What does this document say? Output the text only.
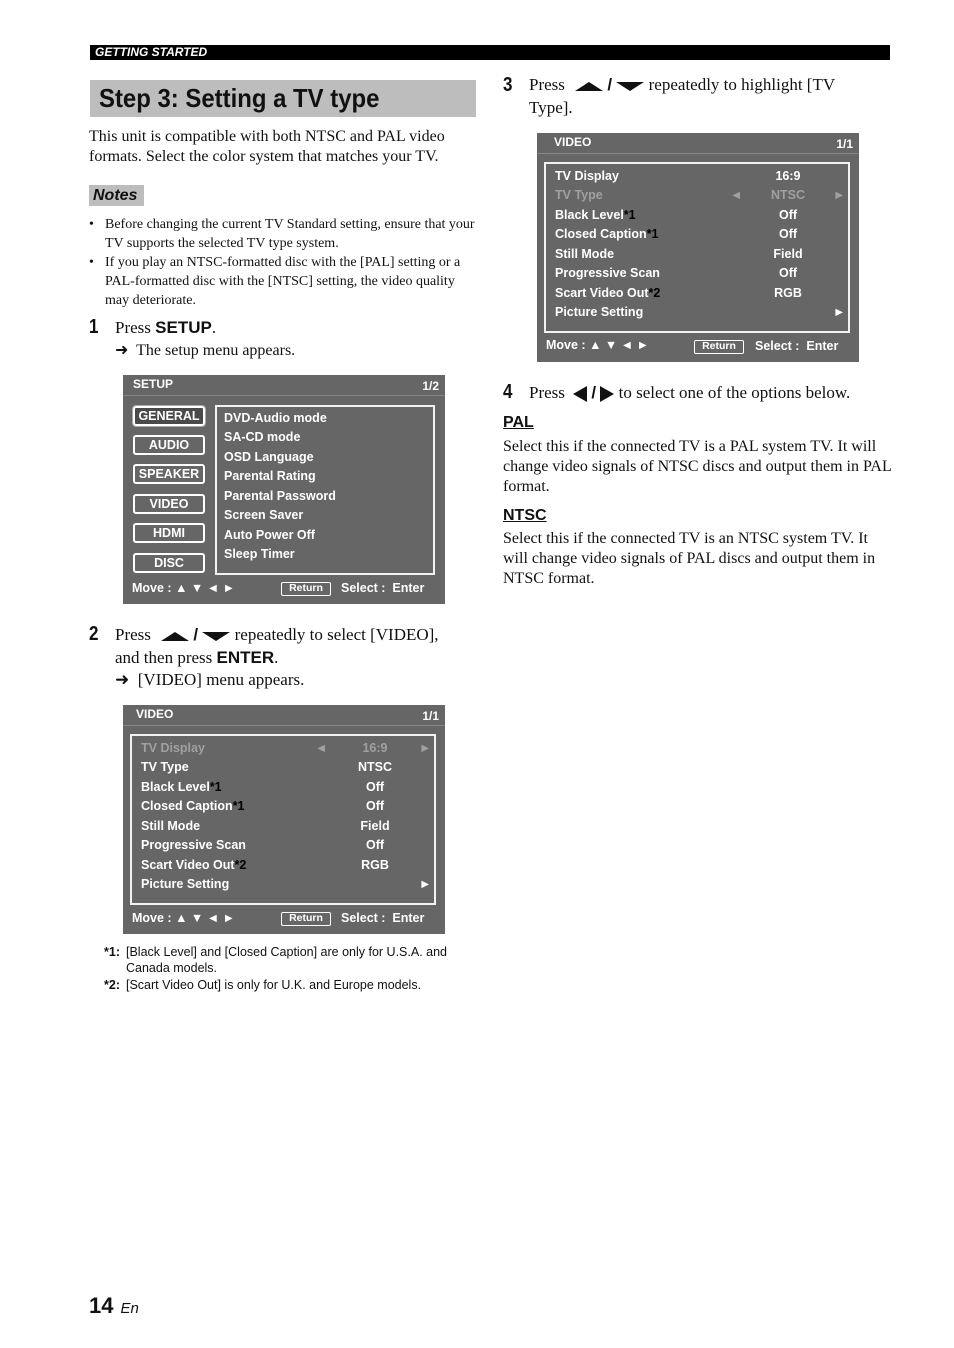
GETTING STARTED
Step 3: Setting a TV type
This unit is compatible with both NTSC and PAL video formats. Select the color system that matches your TV.
Notes
• Before changing the current TV Standard setting, ensure that your TV supports the selected TV type system.
• If you play an NTSC-formatted disc with the [PAL] setting or a PAL-formatted disc with the [NTSC] setting, the video quality may deteriorate.
1 Press SETUP.
➜ The setup menu appears.
SETUP	1/2
GENERAL
AUDIO
SPEAKER
VIDEO
HDMI
DISC
DVD-Audio mode
SA-CD mode
OSD Language
Parental Rating
Parental Password
Screen Saver
Auto Power Off
Sleep Timer
Move : ▲ ▼ ◄ ►	Return	Select : Enter
2 Press	/ repeatedly to select [VIDEO],
and then press ENTER.
➜ [VIDEO] menu appears.
VIDEO	1/1
TV Display	◄	16:9	►
TV Type	NTSC
Black Level*1	Off
Closed Caption*1	Off
Still Mode	Field
Progressive Scan	Off
Scart Video Out*2	RGB
Picture Setting	►
Move : ▲ ▼ ◄ ►	Return	Select : Enter
*1: [Black Level] and [Closed Caption] are only for U.S.A. and Canada models.
*2: [Scart Video Out] is only for U.K. and Europe models.
3 Press	/ repeatedly to highlight [TV
Type].
VIDEO	1/1
TV Display	16:9
TV Type	◄	NTSC	►
Black Level*1	Off
Closed Caption*1	Off
Still Mode	Field
Progressive Scan	Off
Scart Video Out*2	RGB
Picture Setting	►
Move : ▲ ▼ ◄ ►	Return	Select : Enter
4 Press / to select one of the options below.
PAL
Select this if the connected TV is a PAL system TV. It will change video signals of NTSC discs and output them in PAL format.
NTSC
Select this if the connected TV is an NTSC system TV. It will change video signals of PAL discs and output them in NTSC format.
14 En
